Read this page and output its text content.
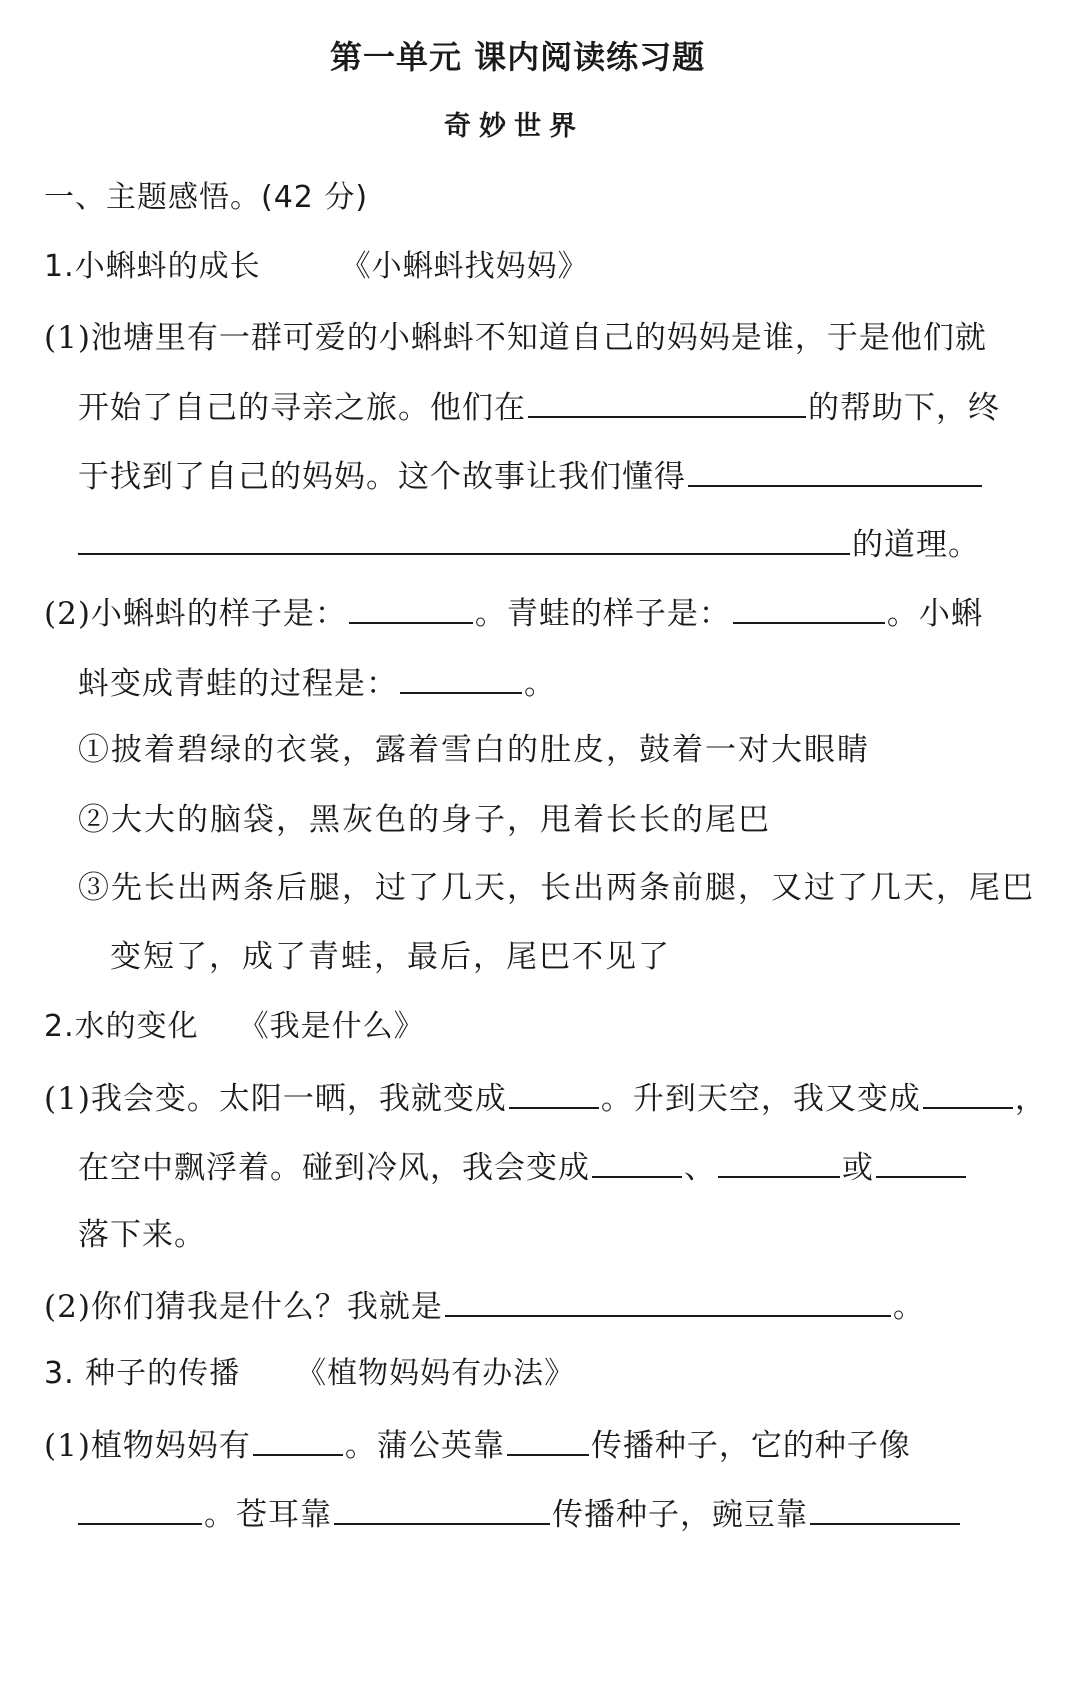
第一单元 课内阅读练习题
奇妙世界
一、主题感悟。(42 分)
1.小蝌蚪的成长	《小蝌蚪找妈妈》
(1)池塘里有一群可爱的小蝌蚪不知道自己的妈妈是谁，于是他们就
开始了自己的寻亲之旅。他们在	的帮助下，终
于找到了自己的妈妈。这个故事让我们懂得
的道理。
(2)小蝌蚪的样子是：	。青蛙的样子是：	。小蝌
蚪变成青蛙的过程是：	。
①披着碧绿的衣裳，露着雪白的肚皮，鼓着一对大眼睛
②大大的脑袋，黑灰色的身子，甩着长长的尾巴
③先长出两条后腿，过了几天，长出两条前腿，又过了几天，尾巴
变短了，成了青蛙，最后，尾巴不见了
2.水的变化 《我是什么》
(1)我会变。太阳一晒，我就变成	。升到天空，我又变成	，
在空中飘浮着。碰到冷风，我会变成	、	或
落下来。
(2)你们猜我是什么？我就是	。
3. 种子的传播 《植物妈妈有办法》
(1)植物妈妈有	。蒲公英靠	传播种子，它的种子像
。苍耳靠	传播种子，豌豆靠
